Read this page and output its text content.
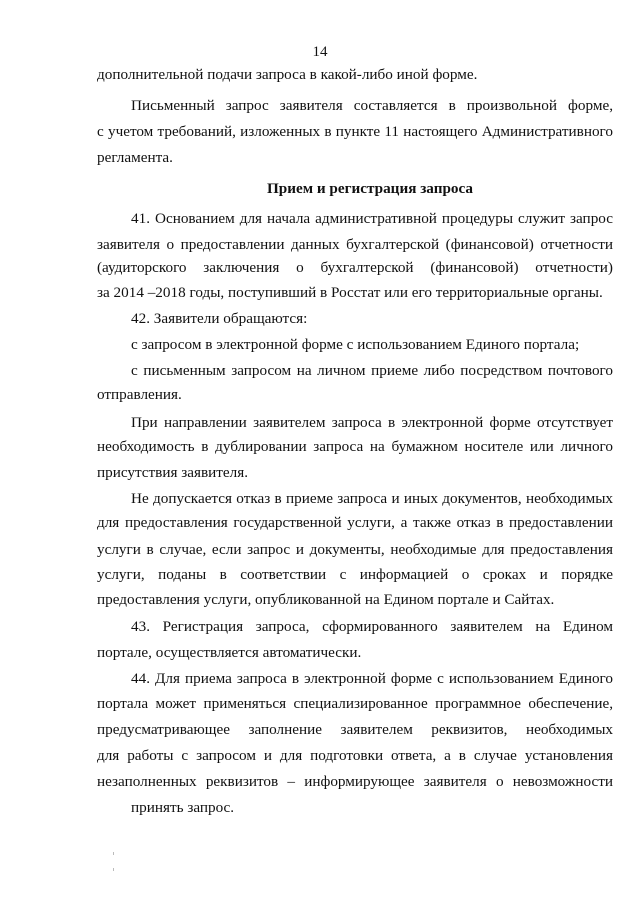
14
дополнительной подачи запроса в какой-либо иной форме.
Письменный запрос заявителя составляется в произвольной форме,
с учетом требований, изложенных в пункте 11 настоящего Административного
регламента.
Прием и регистрация запроса
41. Основанием для начала административной процедуры служит запрос
заявителя о предоставлении данных бухгалтерской (финансовой) отчетности
(аудиторского заключения о бухгалтерской (финансовой) отчетности)
за 2014 –2018 годы, поступивший в Росстат или его территориальные органы.
42. Заявители обращаются:
с запросом в электронной форме с использованием Единого портала;
с письменным запросом на личном приеме либо посредством почтового
отправления.
При направлении заявителем запроса в электронной форме отсутствует
необходимость в дублировании запроса на бумажном носителе или личного
присутствия заявителя.
Не допускается отказ в приеме запроса и иных документов, необходимых
для предоставления государственной услуги, а также отказ в предоставлении
услуги в случае, если запрос и документы, необходимые для предоставления
услуги, поданы в соответствии с информацией о сроках и порядке
предоставления услуги, опубликованной на Едином портале и Сайтах.
43. Регистрация запроса, сформированного заявителем на Едином
портале, осуществляется автоматически.
44. Для приема запроса в электронной форме с использованием Единого
портала может применяться специализированное программное обеспечение,
предусматривающее заполнение заявителем реквизитов, необходимых
для работы с запросом и для подготовки ответа, а в случае установления
незаполненных реквизитов – информирующее заявителя о невозможности
принять запрос.
